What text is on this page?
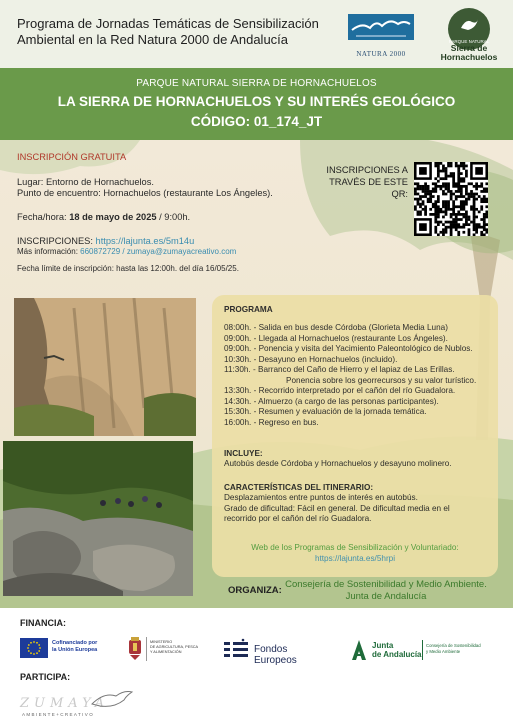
Programa de Jornadas Temáticas de Sensibilización Ambiental en la Red Natura 2000 de Andalucía
NATURA 2000
PARQUE NATURAL
Sierra de Hornachuelos
PARQUE NATURAL SIERRA DE HORNACHUELOS
LA SIERRA DE HORNACHUELOS Y SU INTERÉS GEOLÓGICO
CÓDIGO: 01_174_JT
INSCRIPCIÓN GRATUITA
Lugar: Entorno de Hornachuelos.
Punto de encuentro: Hornachuelos (restaurante Los Ángeles).
Fecha/hora: 18 de mayo de 2025 / 9:00h.
INSCRIPCIONES: https://lajunta.es/5m14u
Más información: 660872729 / zumaya@zumayacreativo.com
Fecha límite de inscripción: hasta las 12:00h. del día 16/05/25.
INSCRIPCIONES A TRAVÉS DE ESTE QR:
PROGRAMA
08:00h. - Salida en bus desde Córdoba (Glorieta Media Luna)
09:00h. - Llegada al Hornachuelos (restaurante Los Ángeles).
09:00h. - Ponencia y visita del Yacimiento Paleontológico de Nublos.
10:30h. - Desayuno en Hornachuelos (incluido).
11:30h. - Barranco del Caño de Hierro y el lapiaz de Las Erillas.
Ponencia sobre los georrecursos y su valor turístico.
13:30h. - Recorrido interpretado por el cañón del río Guadalora.
14:30h. - Almuerzo (a cargo de las personas participantes).
15:30h. - Resumen y evaluación de la jornada temática.
16:00h. - Regreso en bus.
INCLUYE:
Autobús desde Córdoba y Hornachuelos y desayuno molinero.
CARACTERÍSTICAS DEL ITINERARIO:
Desplazamientos entre puntos de interés en autobús.
Grado de dificultad: Fácil en general. De dificultad media en el
recorrido por el cañón del río Guadalora.
Web de los Programas de Sensibilización y Voluntariado:
https://lajunta.es/5hrpi
ORGANIZA:
Consejería de Sostenibilidad y Medio Ambiente.
Junta de Andalucía
FINANCIA:
Cofinanciado por
la Unión Europea
MINISTERIO
DE AGRICULTURA, PESCA
Y ALIMENTACIÓN	Fondos Europeos
Junta
de Andalucía
Consejería de Sostenibilidad
y Medio Ambiente
PARTICIPA:
ZUMAYA
AMBIENTE+CREATIVO
